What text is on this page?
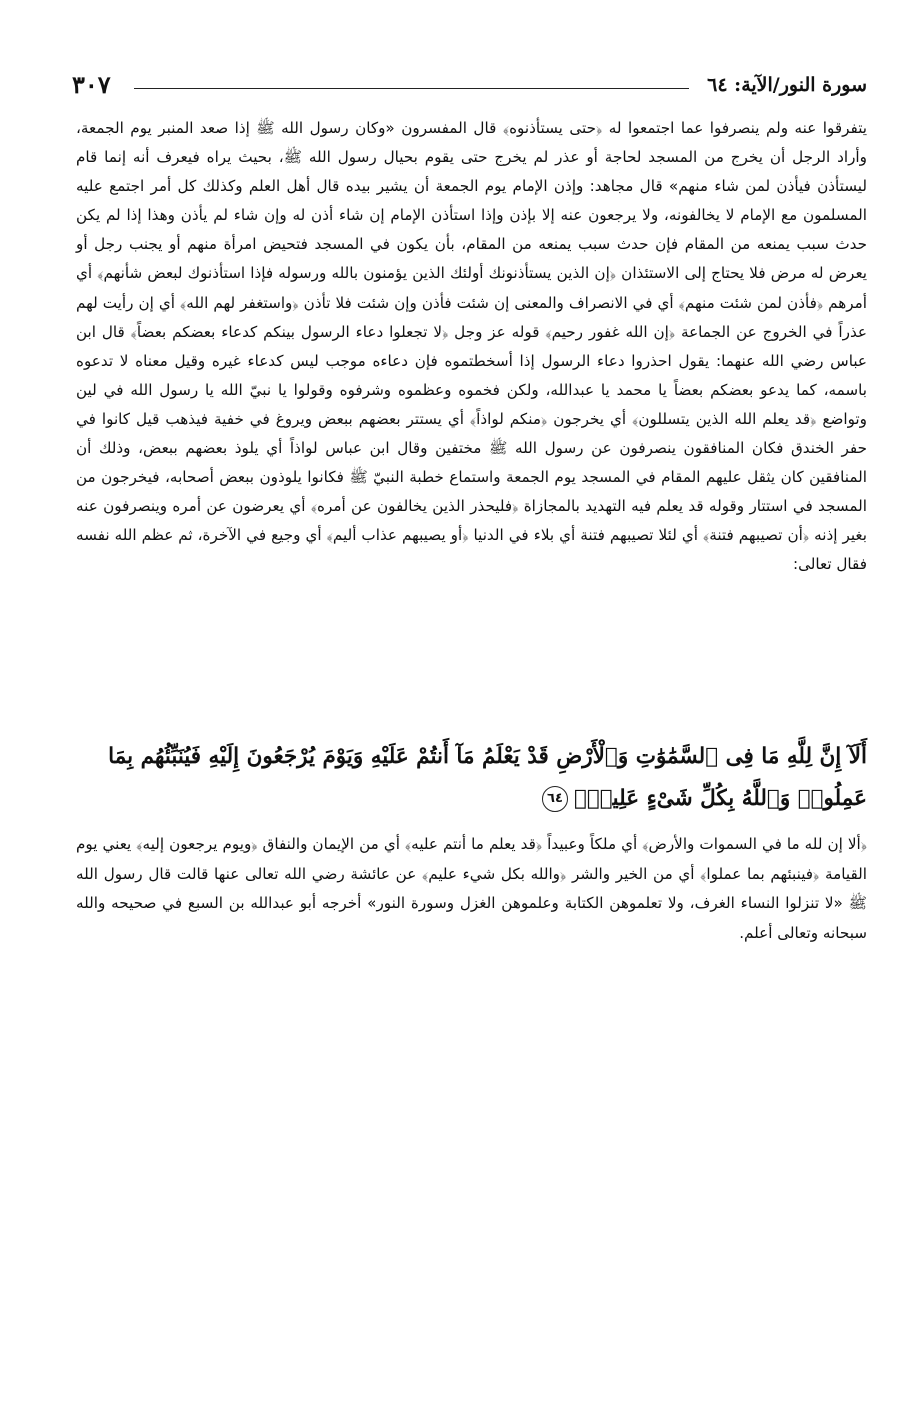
سورة النور/الآية: ٦٤
٣٠٧

يتفرقوا عنه ولم ينصرفوا عما اجتمعوا له ﴿حتى يستأذنوه﴾ قال المفسرون «وكان رسول الله ﷺ إذا صعد المنبر يوم الجمعة، وأراد الرجل أن يخرج من المسجد لحاجة أو عذر لم يخرج حتى يقوم بحيال رسول الله ﷺ، بحيث يراه فيعرف أنه إنما قام ليستأذن فيأذن لمن شاء منهم» قال مجاهد: وإذن الإمام يوم الجمعة أن يشير بيده قال أهل العلم وكذلك كل أمر اجتمع عليه المسلمون مع الإمام لا يخالفونه، ولا يرجعون عنه إلا بإذن وإذا استأذن الإمام إن شاء أذن له وإن شاء لم يأذن وهذا إذا لم يكن حدث سبب يمنعه من المقام فإن حدث سبب يمنعه من المقام، بأن يكون في المسجد فتحيض امرأة منهم أو يجنب رجل أو يعرض له مرض فلا يحتاج إلى الاستئذان ﴿إن الذين يستأذنونك أولئك الذين يؤمنون بالله ورسوله فإذا استأذنوك لبعض شأنهم﴾ أي أمرهم ﴿فأذن لمن شئت منهم﴾ أي في الانصراف والمعنى إن شئت فأذن وإن شئت فلا تأذن ﴿واستغفر لهم الله﴾ أي إن رأيت لهم عذراً في الخروج عن الجماعة ﴿إن الله غفور رحيم﴾ قوله عز وجل ﴿لا تجعلوا دعاء الرسول بينكم كدعاء بعضكم بعضاً﴾ قال ابن عباس رضي الله عنهما: يقول احذروا دعاء الرسول إذا أسخطتموه فإن دعاءه موجب ليس كدعاء غيره وقيل معناه لا تدعوه باسمه، كما يدعو بعضكم بعضاً يا محمد يا عبدالله، ولكن فخموه وعظموه وشرفوه وقولوا يا نبيّ الله يا رسول الله في لين وتواضع ﴿قد يعلم الله الذين يتسللون﴾ أي يخرجون ﴿منكم لواذاً﴾ أي يستتر بعضهم ببعض ويروغ في خفية فيذهب قيل كانوا في حفر الخندق فكان المنافقون ينصرفون عن رسول الله ﷺ مختفين وقال ابن عباس لواذاً أي يلوذ بعضهم ببعض، وذلك أن المنافقين كان يثقل عليهم المقام في المسجد يوم الجمعة واستماع خطبة النبيّ ﷺ فكانوا يلوذون ببعض أصحابه، فيخرجون من المسجد في استتار وقوله قد يعلم فيه التهديد بالمجازاة ﴿فليحذر الذين يخالفون عن أمره﴾ أي يعرضون عن أمره وينصرفون عنه بغير إذنه ﴿أن تصيبهم فتنة﴾ أي لئلا تصيبهم فتنة أي بلاء في الدنيا ﴿أو يصيبهم عذاب أليم﴾ أي وجيع في الآخرة، ثم عظم الله نفسه فقال تعالى:

أَلَآ إِنَّ لِلَّهِ مَا فِى ٱلسَّمَٰوَٰتِ وَٱلْأَرْضِ قَدْ يَعْلَمُ مَآ أَنتُمْ عَلَيْهِ وَيَوْمَ يُرْجَعُونَ إِلَيْهِ فَيُنَبِّئُهُم بِمَا عَمِلُوا۟ وَٱللَّهُ بِكُلِّ شَىْءٍ عَلِيمٌۢ٦٤

﴿ألا إن لله ما في السموات والأرض﴾ أي ملكاً وعبيداً ﴿قد يعلم ما أنتم عليه﴾ أي من الإيمان والنفاق ﴿ويوم يرجعون إليه﴾ يعني يوم القيامة ﴿فينبئهم بما عملوا﴾ أي من الخير والشر ﴿والله بكل شيء عليم﴾ عن عائشة رضي الله تعالى عنها قالت قال رسول الله ﷺ «لا تنزلوا النساء الغرف، ولا تعلموهن الكتابة وعلموهن الغزل وسورة النور» أخرجه أبو عبدالله بن السبع في صحيحه والله سبحانه وتعالى أعلم.
